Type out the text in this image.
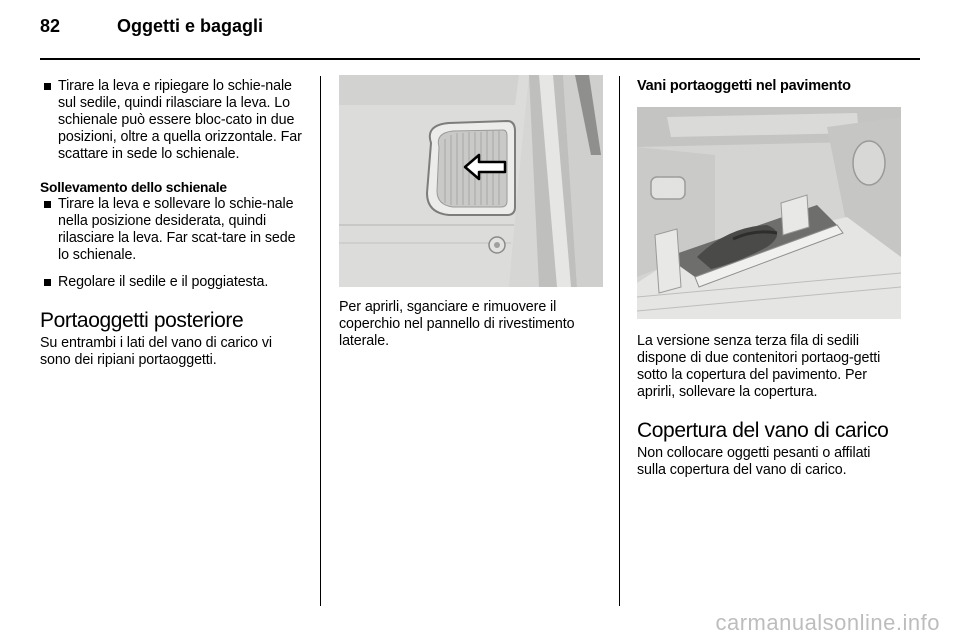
82	Oggetti e bagagli
Tirare la leva e ripiegare lo schie-nale sul sedile, quindi rilasciare la leva. Lo schienale può essere bloc-cato in due posizioni, oltre a quella orizzontale. Far scattare in sede lo schienale.

Sollevamento dello schienale

Tirare la leva e sollevare lo schie-nale nella posizione desiderata, quindi rilasciare la leva. Far scat-tare in sede lo schienale.
Regolare il sedile e il poggiatesta.
Portaoggetti posteriore

Su entrambi i lati del vano di carico vi sono dei ripiani portaoggetti.

Per aprirli, sganciare e rimuovere il coperchio nel pannello di rivestimento laterale.

Vani portaoggetti nel pavimento

La versione senza terza fila di sedili dispone di due contenitori portaog-getti sotto la copertura del pavimento. Per aprirli, sollevare la copertura.

Copertura del vano di carico

Non collocare oggetti pesanti o affilati sulla copertura del vano di carico.

carmanualsonline.info
